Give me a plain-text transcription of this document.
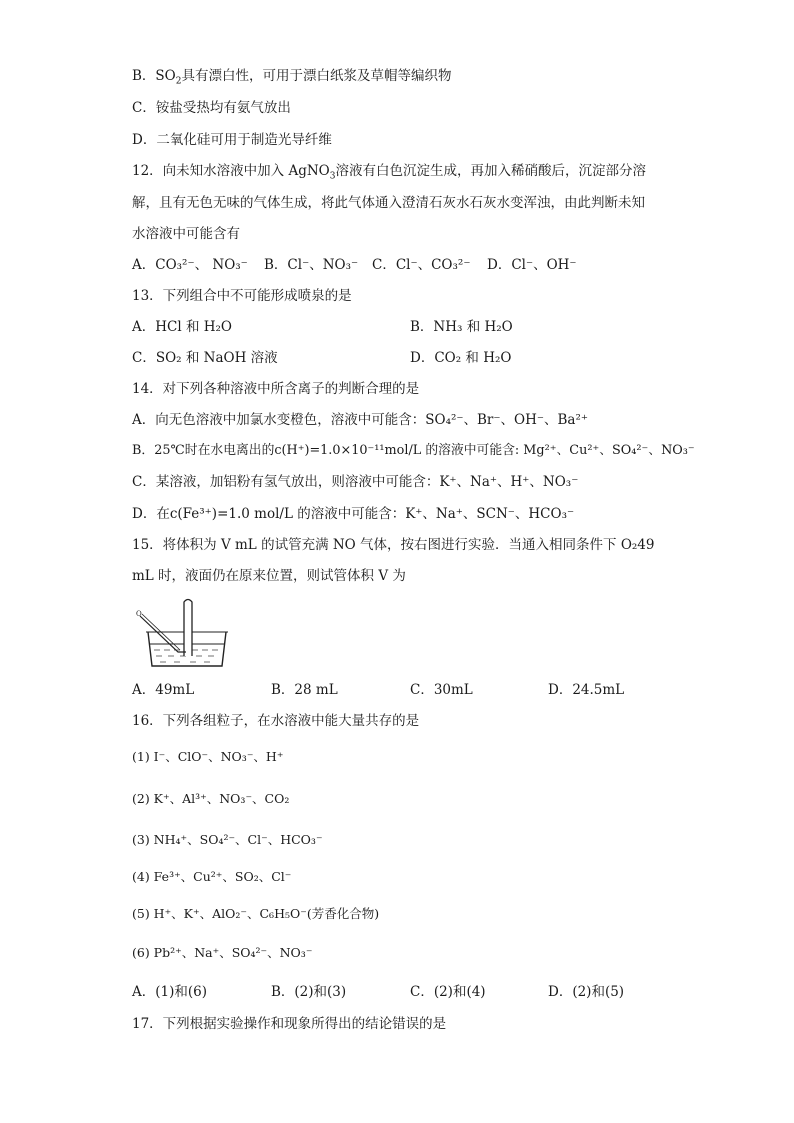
B．$SO_2$具有漂白性，可用于漂白纸浆及草帽等编织物
C．铵盐受热均有氨气放出
D．二氧化硅可用于制造光导纤维
12．向未知水溶液中加入 AgNO$_3$溶液有白色沉淀生成，再加入稀硝酸后，沉淀部分溶
解，且有无色无味的气体生成，将此气体通入澄清石灰水石灰水变浑浊，由此判断未知
水溶液中可能含有
A．CO₃²⁻、 NO₃⁻ B．Cl⁻、NO₃⁻ C．Cl⁻、CO₃²⁻ D．Cl⁻、OH⁻
13．下列组合中不可能形成喷泉的是
A．HCl 和 H₂O	B．NH₃ 和 H₂O
C．SO₂ 和 NaOH 溶液	D．CO₂ 和 H₂O
14．对下列各种溶液中所含离子的判断合理的是
A．向无色溶液中加氯水变橙色，溶液中可能含：SO₄²⁻、Br⁻、OH⁻、Ba²⁺
B．25℃时在水电离出的c(H⁺)=1.0×10⁻¹¹mol/L 的溶液中可能含: Mg²⁺、Cu²⁺、SO₄²⁻、NO₃⁻
C．某溶液，加铝粉有氢气放出，则溶液中可能含：K⁺、Na⁺、H⁺、NO₃⁻
D．在c(Fe³⁺)=1.0 mol/L 的溶液中可能含：K⁺、Na⁺、SCN⁻、HCO₃⁻
15．将体积为 V mL 的试管充满 NO 气体，按右图进行实验．当通入相同条件下 O₂49
mL 时，液面仍在原来位置，则试管体积 V 为
O
A．49mL	B．28 mL	C．30mL	D．24.5mL
16．下列各组粒子，在水溶液中能大量共存的是
(1) I⁻、ClO⁻、NO₃⁻、H⁺
(2) K⁺、Al³⁺、NO₃⁻、CO₂
(3) NH₄⁺、SO₄²⁻、Cl⁻、HCO₃⁻
(4) Fe³⁺、Cu²⁺、SO₂、Cl⁻
(5) H⁺、K⁺、AlO₂⁻、C₆H₅O⁻(芳香化合物)
(6) Pb²⁺、Na⁺、SO₄²⁻、NO₃⁻
A．(1)和(6)	B．(2)和(3)	C．(2)和(4)	D．(2)和(5)
17．下列根据实验操作和现象所得出的结论错误的是
